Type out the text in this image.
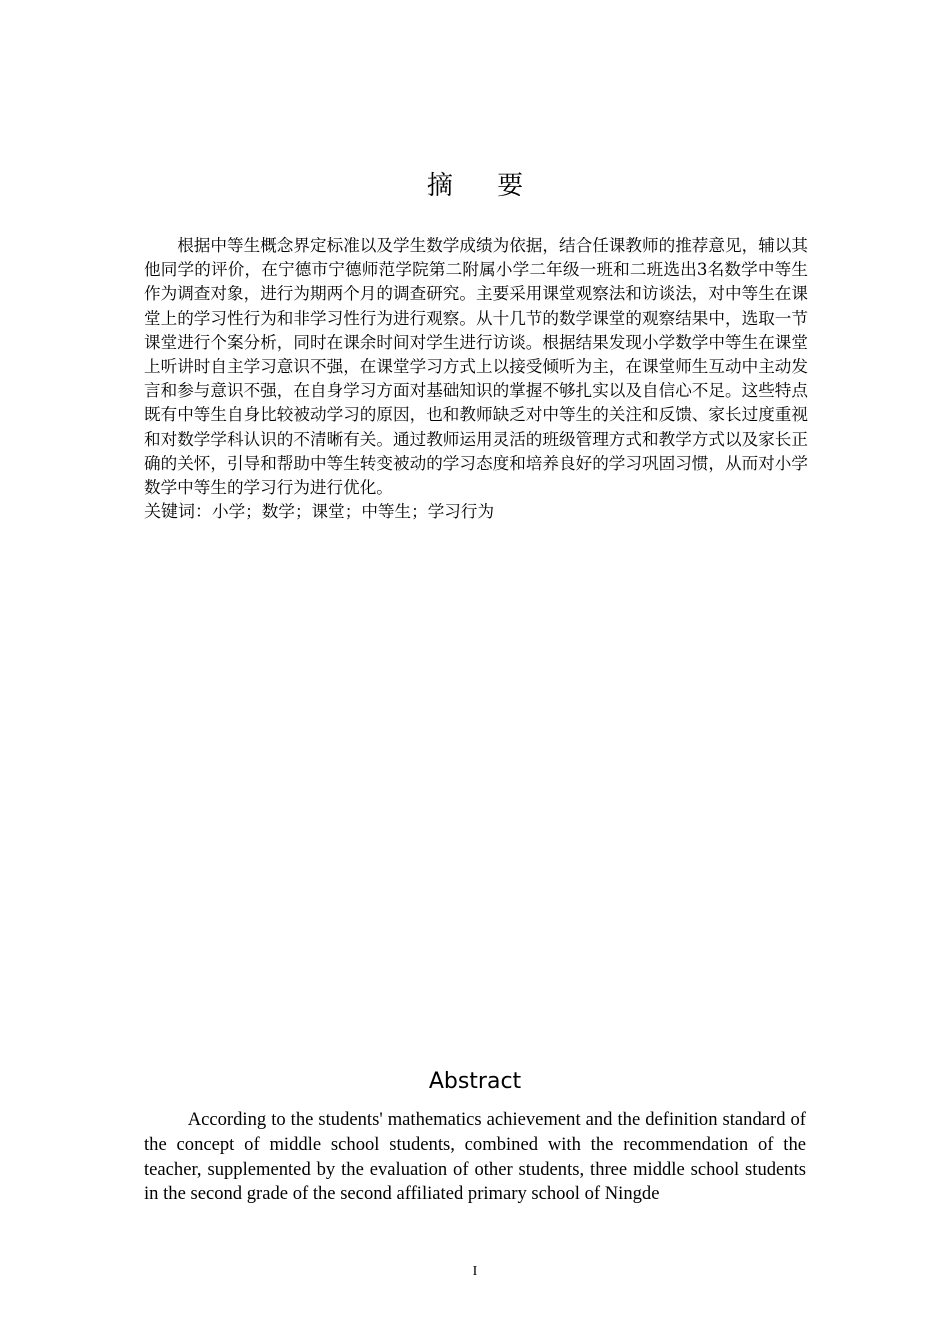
摘 要

根据中等生概念界定标准以及学生数学成绩为依据，结合任课教师的推荐意见，辅以其他同学的评价，在宁德市宁德师范学院第二附属小学二年级一班和二班选出3名数学中等生作为调查对象，进行为期两个月的调查研究。主要采用课堂观察法和访谈法，对中等生在课堂上的学习性行为和非学习性行为进行观察。从十几节的数学课堂的观察结果中，选取一节课堂进行个案分析，同时在课余时间对学生进行访谈。根据结果发现小学数学中等生在课堂上听讲时自主学习意识不强，在课堂学习方式上以接受倾听为主，在课堂师生互动中主动发言和参与意识不强，在自身学习方面对基础知识的掌握不够扎实以及自信心不足。这些特点既有中等生自身比较被动学习的原因，也和教师缺乏对中等生的关注和反馈、家长过度重视和对数学学科认识的不清晰有关。通过教师运用灵活的班级管理方式和教学方式以及家长正确的关怀，引导和帮助中等生转变被动的学习态度和培养良好的学习巩固习惯，从而对小学数学中等生的学习行为进行优化。

关键词：小学；数学；课堂；中等生；学习行为

Abstract

According to the students' mathematics achievement and the definition standard of the concept of middle school students, combined with the recommendation of the teacher, supplemented by the evaluation of other students, three middle school students in the second grade of the second affiliated primary school of Ningde

I
